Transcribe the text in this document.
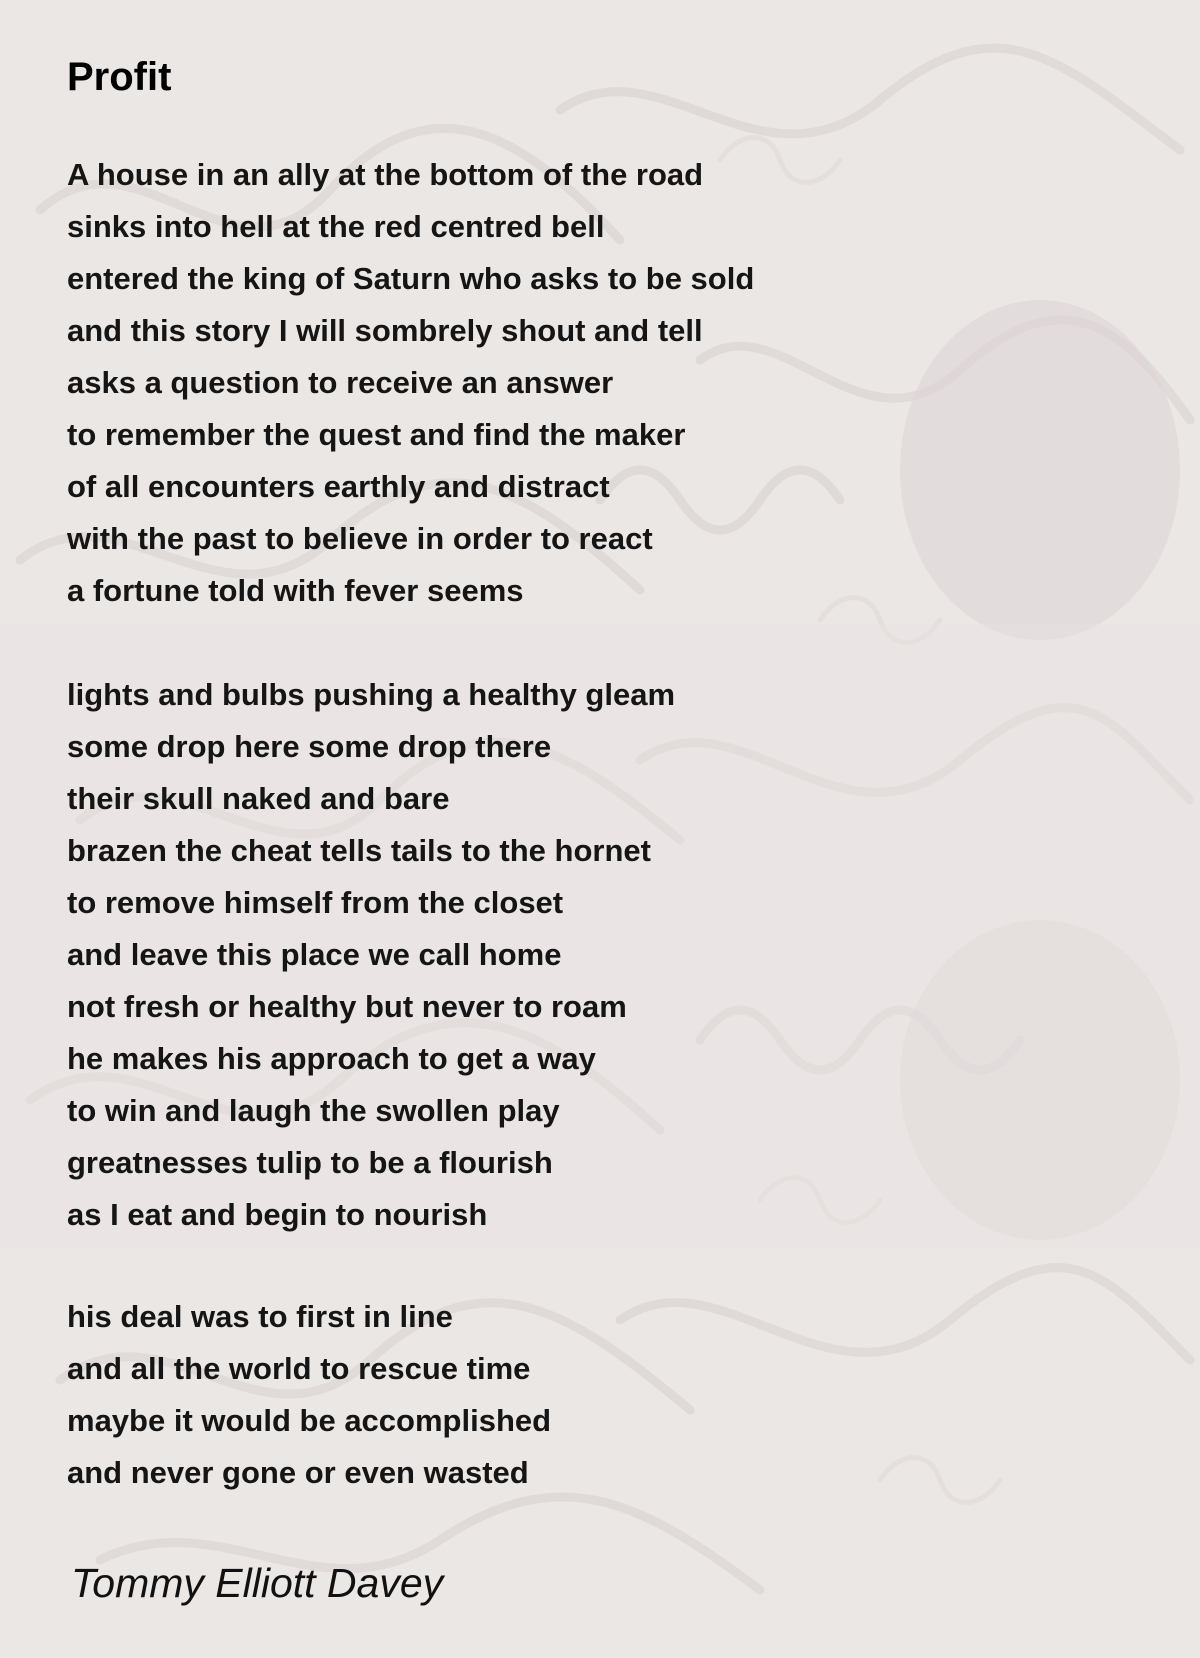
Profit
A house in an ally at the bottom of the road
sinks into hell at the red centred bell
entered the king of Saturn who asks to be sold
and this story I will sombrely shout and tell
asks a question to receive an answer
to remember the quest and find the maker
of all encounters earthly and distract
with the past to believe in order to react
a fortune told with fever seems
lights and bulbs pushing a healthy gleam
some drop here some drop there
their skull naked and bare
brazen the cheat tells tails to the hornet
to remove himself from the closet
and leave this place we call home
not fresh or healthy but never to roam
he makes his approach to get a way
to win and laugh the swollen play
greatnesses tulip to be a flourish
as I eat and begin to nourish
his deal was to first in line
and all the world to rescue time
maybe it would be accomplished
and never gone or even wasted
Tommy Elliott Davey
